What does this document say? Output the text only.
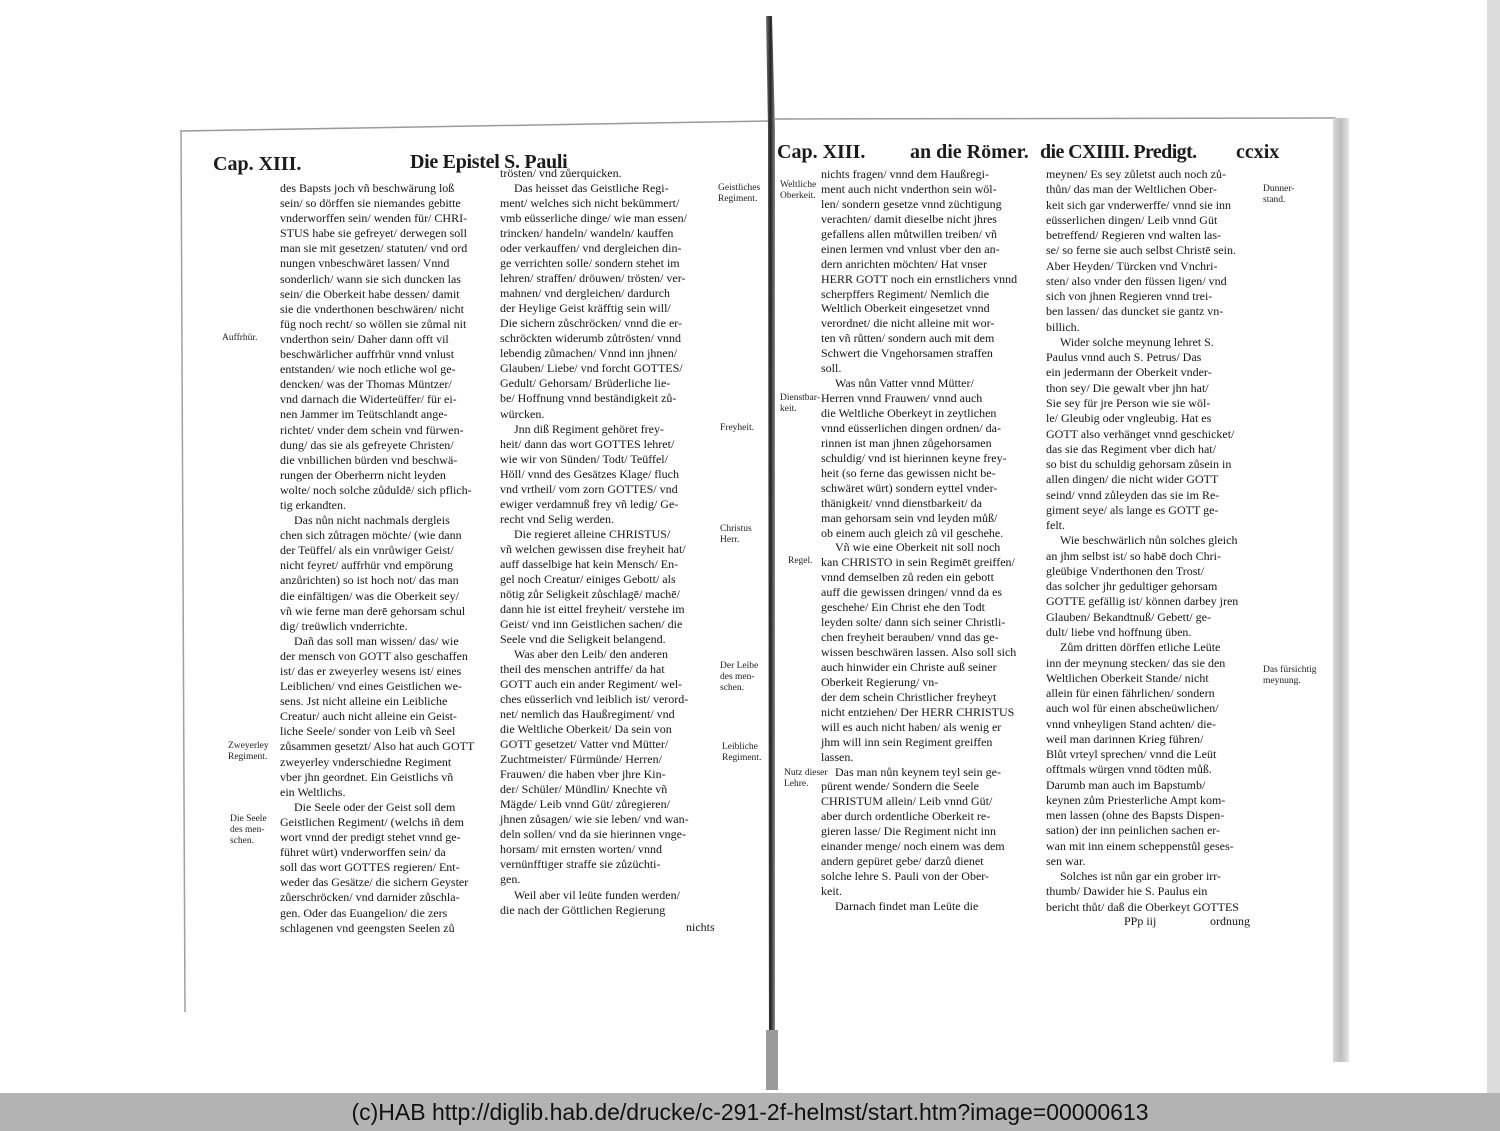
Cap. XIII.	Die Epistel S. Pauli
des Bapsts joch vñ beschwärung loß
sein/ so dörffen sie niemandes gebitte
vnderworffen sein/ wenden für/ CHRI-
STUS habe sie gefreyet/ derwegen soll
man sie mit gesetzen/ statuten/ vnd ord
nungen vnbeschwäret lassen/ Vnnd
sonderlich/ wann sie sich duncken las
sein/ die Oberkeit habe dessen/ damit
sie die vnderthonen beschwären/ nicht
füg noch recht/ so wöllen sie zůmal nit
vnderthon sein/ Daher dann offt vil
beschwärlicher auffrhür vnnd vnlust
entstanden/ wie noch etliche wol ge-
dencken/ was der Thomas Müntzer/
vnd darnach die Widerteüffer/ für ei-
nen Jammer im Teütschlandt ange-
richtet/ vnder dem schein vnd fürwen-
dung/ das sie als gefreyete Christen/
die vnbillichen bürden vnd beschwä-
rungen der Oberherrn nicht leyden
wolte/ noch solche zůduldē/ sich pflich-
tig erkandten.
Das nůn nicht nachmals dergleis
chen sich zůtragen möchte/ (wie dann
der Teüffel/ als ein vnrůwiger Geist/
nicht feyret/ auffrhür vnd empörung
anzůrichten) so ist hoch not/ das man
die einfältigen/ was die Oberkeit sey/
vñ wie ferne man derē gehorsam schul
dig/ treüwlich vnderrichte.
Dañ das soll man wissen/ das/ wie
der mensch von GOTT also geschaffen
ist/ das er zweyerley wesens ist/ eines
Leiblichen/ vnd eines Geistlichen we-
sens. Jst nicht alleine ein Leibliche
Creatur/ auch nicht alleine ein Geist-
liche Seele/ sonder von Leib vñ Seel
zůsammen gesetzt/ Also hat auch GOTT
zweyerley vnderschiedne Regiment
vber jhn geordnet. Ein Geistlichs vñ
ein Weltlichs.
Die Seele oder der Geist soll dem
Geistlichen Regiment/ (welchs iñ dem
wort vnnd der predigt stehet vnnd ge-
führet würt) vnderworffen sein/ da
soll das wort GOTTES regieren/ Ent-
weder das Gesätze/ die sichern Geyster
zůerschröcken/ vnd darnider zůschla-
gen. Oder das Euangelion/ die zers
schlagenen vnd geengsten Seelen zů
trösten/ vnd zůerquicken.
Das heisset das Geistliche Regi-
ment/ welches sich nicht bekümmert/
vmb eüsserliche dinge/ wie man essen/
trincken/ handeln/ wandeln/ kauffen
oder verkauffen/ vnd dergleichen din-
ge verrichten solle/ sondern stehet im
lehren/ straffen/ dröuwen/ trösten/ ver-
mahnen/ vnd dergleichen/ dardurch
der Heylige Geist kräfftig sein will/
Die sichern zůschröcken/ vnnd die er-
schröckten widerumb zůtrösten/ vnnd
lebendig zůmachen/ Vnnd inn jhnen/
Glauben/ Liebe/ vnd forcht GOTTES/
Gedult/ Gehorsam/ Brüderliche lie-
be/ Hoffnung vnnd beständigkeit zů-
würcken.
Jnn diß Regiment gehöret frey-
heit/ dann das wort GOTTES lehret/
wie wir von Sünden/ Todt/ Teüffel/
Höll/ vnnd des Gesätzes Klage/ fluch
vnd vrtheil/ vom zorn GOTTES/ vnd
ewiger verdamnuß frey vñ ledig/ Ge-
recht vnd Selig werden.
Die regieret alleine CHRISTUS/
vñ welchen gewissen dise freyheit hat/
auff dasselbige hat kein Mensch/ En-
gel noch Creatur/ einiges Gebott/ als
nötig zůr Seligkeit zůschlagē/ machē/
dann hie ist eittel freyheit/ verstehe im
Geist/ vnd inn Geistlichen sachen/ die
Seele vnd die Seligkeit belangend.
Was aber den Leib/ den anderen
theil des menschen antriffe/ da hat
GOTT auch ein ander Regiment/ wel-
ches eüsserlich vnd leiblich ist/ verord-
net/ nemlich das Haußregiment/ vnd
die Weltliche Oberkeit/ Da sein von
GOTT gesetzet/ Vatter vnd Mütter/
Zuchtmeister/ Fürmünde/ Herren/
Frauwen/ die haben vber jhre Kin-
der/ Schüler/ Mündlin/ Knechte vñ
Mägde/ Leib vnnd Güt/ zůregieren/
jhnen zůsagen/ wie sie leben/ vnd wan-
deln sollen/ vnd da sie hierinnen vnge-
horsam/ mit ernsten worten/ vnnd
vernünfftiger straffe sie zůzüchti-
gen.
Weil aber vil leüte funden werden/
die nach der Göttlichen Regierung
Auffrhür.
Zweyerley
Regiment.
Die Seele
des men-
schen.
Geistliches
Regiment.
Freyheit.
Christus
Herr.
Der Leibe
des men-
schen.
Leibliche
Regiment.
nichts
Cap. XIII. an die Römer. die CXIIII. Predigt. ccxix
nichts fragen/ vnnd dem Haußregi-
ment auch nicht vnderthon sein wöl-
len/ sondern gesetze vnnd züchtigung
verachten/ damit dieselbe nicht jhres
gefallens allen můtwillen treiben/ vñ
einen lermen vnd vnlust vber den an-
dern anrichten möchten/ Hat vnser
HERR GOTT noch ein ernstlichers vnnd
scherpffers Regiment/ Nemlich die
Weltlich Oberkeit eingesetzet vnnd
verordnet/ die nicht alleine mit wor-
ten vñ růtten/ sondern auch mit dem
Schwert die Vngehorsamen straffen
soll.
Was nůn Vatter vnnd Mütter/
Herren vnnd Frauwen/ vnnd auch
die Weltliche Oberkeyt in zeytlichen
vnnd eüsserlichen dingen ordnen/ da-
rinnen ist man jhnen zůgehorsamen
schuldig/ vnd ist hierinnen keyne frey-
heit (so ferne das gewissen nicht be-
schwäret würt) sondern eyttel vnder-
thänigkeit/ vnnd dienstbarkeit/ da
man gehorsam sein vnd leyden můß/
ob einem auch gleich zů vil geschehe.
Vñ wie eine Oberkeit nit soll noch
kan CHRISTO in sein Regimēt greiffen/
vnnd demselben zů reden ein gebott
auff die gewissen dringen/ vnnd da es
geschehe/ Ein Christ ehe den Todt
leyden solte/ dann sich seiner Christli-
chen freyheit berauben/ vnnd das ge-
wissen beschwären lassen. Also soll sich
auch hinwider ein Christe auß seiner
Oberkeit Regierung/ vn-
der dem schein Christlicher freyheyt
nicht entziehen/ Der HERR CHRISTUS
will es auch nicht haben/ als wenig er
jhm will inn sein Regiment greiffen
lassen.
Das man nůn keynem teyl sein ge-
pürent wende/ Sondern die Seele
CHRISTUM allein/ Leib vnnd Güt/
aber durch ordentliche Oberkeit re-
gieren lasse/ Die Regiment nicht inn
einander menge/ noch einem was dem
andern gepüret gebe/ darzů dienet
solche lehre S. Pauli von der Ober-
keit.
Darnach findet man Leüte die
meynen/ Es sey zůletst auch noch zů-
thůn/ das man der Weltlichen Ober-
keit sich gar vnderwerffe/ vnnd sie inn
eüsserlichen dingen/ Leib vnnd Güt
betreffend/ Regieren vnd walten las-
se/ so ferne sie auch selbst Christē sein.
Aber Heyden/ Türcken vnd Vnchri-
sten/ also vnder den füssen ligen/ vnd
sich von jhnen Regieren vnnd trei-
ben lassen/ das duncket sie gantz vn-
billich.
Wider solche meynung lehret S.
Paulus vnnd auch S. Petrus/ Das
ein jedermann der Oberkeit vnder-
thon sey/ Die gewalt vber jhn hat/
Sie sey für jre Person wie sie wöl-
le/ Gleubig oder vngleubig. Hat es
GOTT also verhänget vnnd geschicket/
das sie das Regiment vber dich hat/
so bist du schuldig gehorsam zůsein in
allen dingen/ die nicht wider GOTT
seind/ vnnd zůleyden das sie im Re-
giment seye/ als lange es GOTT ge-
felt.
Wie beschwärlich nůn solches gleich
an jhm selbst ist/ so habē doch Chri-
gleübige Vnderthonen den Trost/
das solcher jhr gedultiger gehorsam
GOTTE gefällig ist/ können darbey jren
Glauben/ Bekandtnuß/ Gebett/ ge-
dult/ liebe vnd hoffnung üben.
Zům dritten dörffen etliche Leüte
inn der meynung stecken/ das sie den
Weltlichen Oberkeit Stande/ nicht
allein für einen fährlichen/ sondern
auch wol für einen abscheüwlichen/
vnnd vnheyligen Stand achten/ die-
weil man darinnen Krieg führen/
Blůt vrteyl sprechen/ vnnd die Leüt
offtmals würgen vnnd tödten můß.
Darumb man auch im Bapstumb/
keynen zům Priesterliche Ampt kom-
men lassen (ohne des Bapsts Dispen-
sation) der inn peinlichen sachen er-
wan mit inn einem scheppenstůl geses-
sen war.
Solches ist nůn gar ein grober irr-
thumb/ Dawider hie S. Paulus ein
bericht thůt/ daß die Oberkeyt GOTTES
Weltliche
Oberkeit.
Dienstbar-
keit.
Regel.
Nutz dieser
Lehre.
Dunner-
stand.
Das fürsichtig
meynung.
PPp iij	ordnung
(c)HAB http://diglib.hab.de/drucke/c-291-2f-helmst/start.htm?image=00000613
